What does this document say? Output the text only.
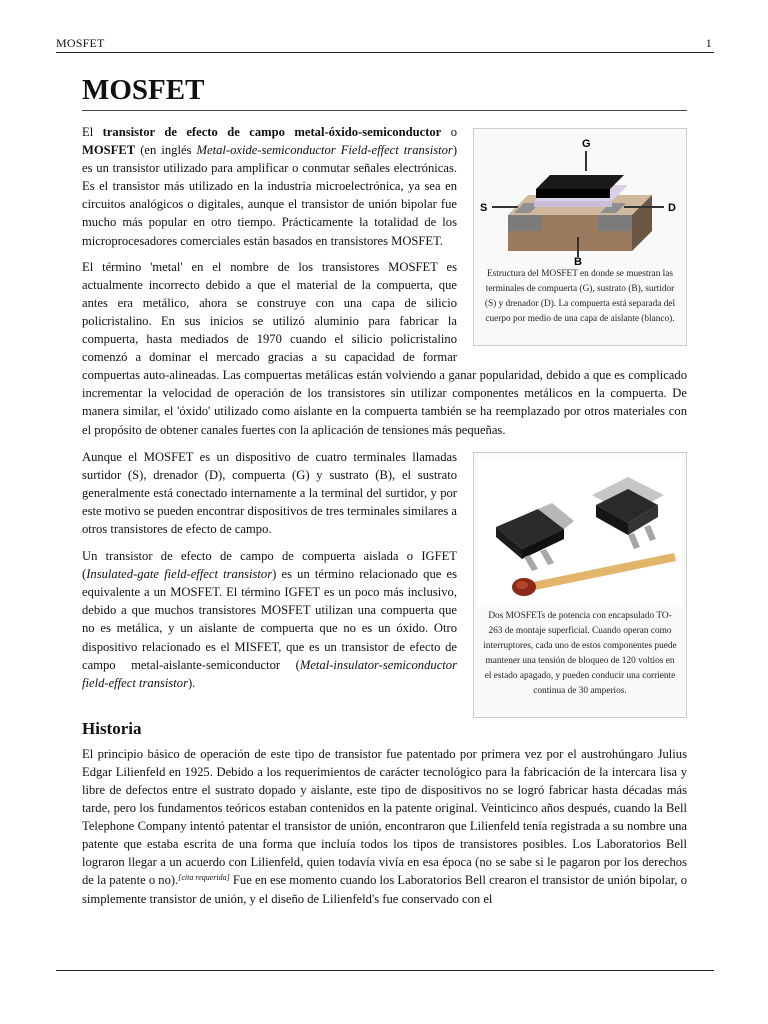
MOSFET	1
MOSFET
G
S	D
B
Estructura del MOSFET en donde se muestran las terminales de compuerta (G), sustrato (B), surtidor (S) y drenador (D). La compuerta está separada del cuerpo por medio de una capa de aislante (blanco).

El transistor de efecto de campo metal-óxido-semiconductor o MOSFET (en inglés Metal-oxide-semiconductor Field-effect transistor) es un transistor utilizado para amplificar o conmutar señales electrónicas. Es el transistor más utilizado en la industria microelectrónica, ya sea en circuitos analógicos o digitales, aunque el transistor de unión bipolar fue mucho más popular en otro tiempo. Prácticamente la totalidad de los microprocesadores comerciales están basados en transistores MOSFET.

El término 'metal' en el nombre de los transistores MOSFET es actualmente incorrecto debido a que el material de la compuerta, que antes era metálico, ahora se construye con una capa de silicio policristalino. En sus inicios se utilizó aluminio para fabricar la compuerta, hasta mediados de 1970 cuando el silicio policristalino comenzó a dominar el mercado gracias a su capacidad de formar compuertas auto-alineadas. Las compuertas metálicas están volviendo a ganar popularidad, debido a que es complicado incrementar la velocidad de operación de los transistores sin utilizar componentes metálicos en la compuerta. De manera similar, el 'óxido' utilizado como aislante en la compuerta también se ha reemplazado por otros materiales con el propósito de obtener canales fuertes con la aplicación de tensiones más pequeñas.

Dos MOSFETs de potencia con encapsulado TO-263 de montaje superficial. Cuando operan como interruptores, cada uno de estos componentes puede mantener una tensión de bloqueo de 120 voltios en el estado apagado, y pueden conducir una corriente continua de 30 amperios.

Aunque el MOSFET es un dispositivo de cuatro terminales llamadas surtidor (S), drenador (D), compuerta (G) y sustrato (B), el sustrato generalmente está conectado internamente a la terminal del surtidor, y por este motivo se pueden encontrar dispositivos de tres terminales similares a otros transistores de efecto de campo.

Un transistor de efecto de campo de compuerta aislada o IGFET (Insulated-gate field-effect transistor) es un término relacionado que es equivalente a un MOSFET. El término IGFET es un poco más inclusivo, debido a que muchos transistores MOSFET utilizan una compuerta que no es metálica, y un aislante de compuerta que no es un óxido. Otro dispositivo relacionado es el MISFET, que es un transistor de efecto de campo metal-aislante-semiconductor (Metal-insulator-semiconductor field-effect transistor).

Historia

El principio básico de operación de este tipo de transistor fue patentado por primera vez por el austrohúngaro Julius Edgar Lilienfeld en 1925. Debido a los requerimientos de carácter tecnológico para la fabricación de la intercara lisa y libre de defectos entre el sustrato dopado y aislante, este tipo de dispositivos no se logró fabricar hasta décadas más tarde, pero los fundamentos teóricos estaban contenidos en la patente original. Veinticinco años después, cuando la Bell Telephone Company intentó patentar el transistor de unión, encontraron que Lilienfeld tenía registrada a su nombre una patente que estaba escrita de una forma que incluía todos los tipos de transistores posibles. Los Laboratorios Bell lograron llegar a un acuerdo con Lilienfeld, quien todavía vivía en esa época (no se sabe si le pagaron por los derechos de la patente o no).[cita requerida] Fue en ese momento cuando los Laboratorios Bell crearon el transistor de unión bipolar, o simplemente transistor de unión, y el diseño de Lilienfeld's fue conservado con el
